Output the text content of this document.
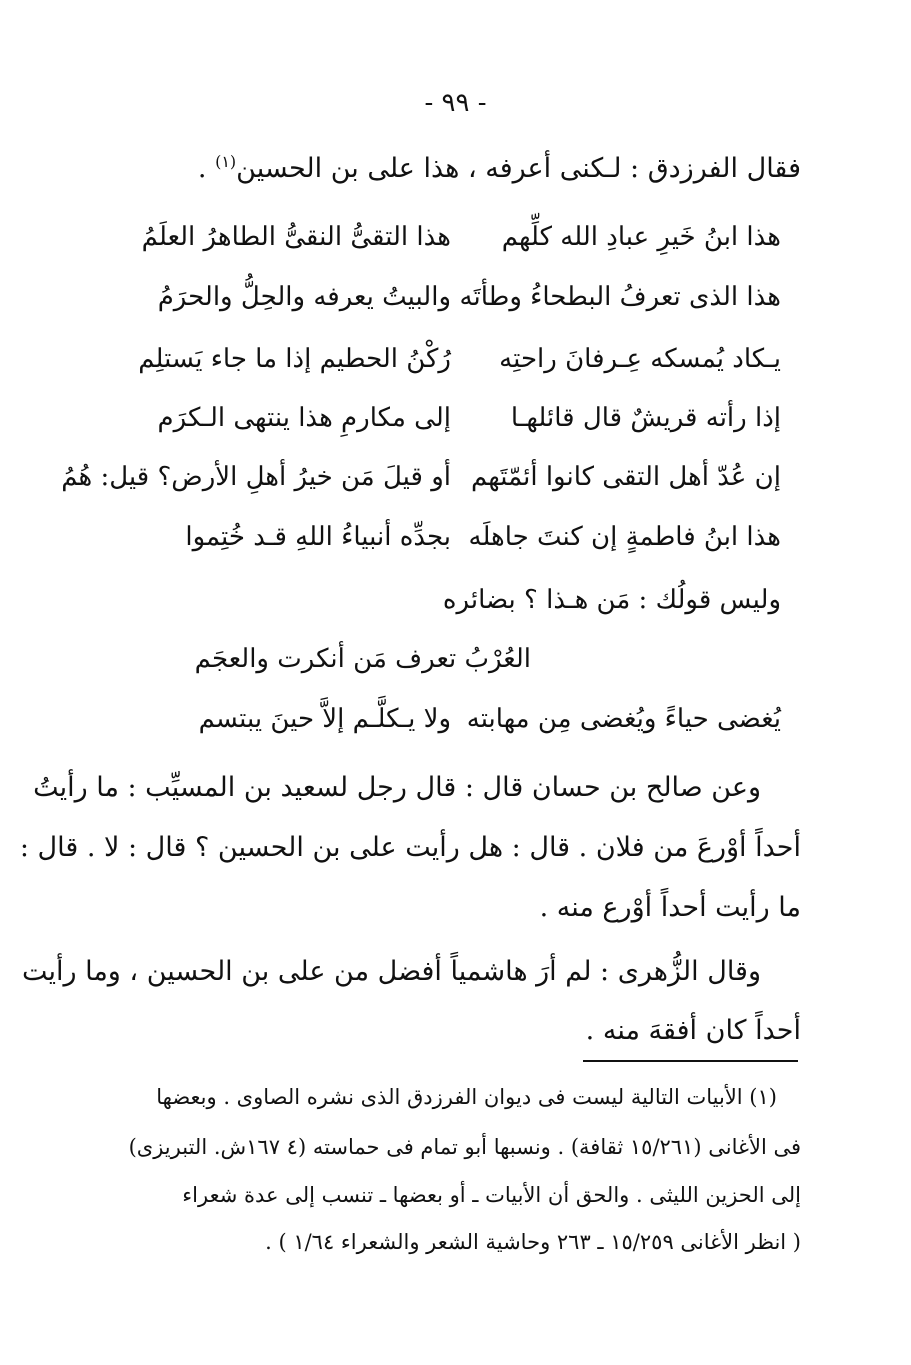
- ٩٩ -
فقال الفرزدق : لـكنى أعرفه ، هذا على بن الحسين$^{(١)}$ .
هذا ابنُ خَيرِ عبادِ الله كلِّهم
هذا التقىُّ النقىُّ الطاهرُ العلَمُ
هذا الذى تعرفُ البطحاءُ وطأتَه
والبيتُ يعرفه والحِلُّ والحرَمُ
يـكاد يُمسكه عِـرفانَ راحتِه
رُكْنُ الحطيم إذا ما جاء يَستلِم
إذا رأته قريشٌ قال قائلهـا
إلى مكارمِ هذا ينتهى الـكرَم
إن عُدّ أهل التقى كانوا أئمّتَهم
أو قيلَ مَن خيرُ أهلِ الأرض؟ قيل: هُمُ
هذا ابنُ فاطمةٍ إن كنتَ جاهلَه
بجدِّه أنبياءُ اللهِ قـد خُتِموا
وليس قولُك : مَن هـذا ؟ بضائره
العُرْبُ تعرف مَن أنكرت والعجَم
يُغضى حياءً ويُغضى مِن مهابته
ولا يـكلَّـم إلاَّ حينَ يبتسم
وعن صالح بن حسان قال : قال رجل لسعيد بن المسيِّب : ما رأيتُ
أحداً أوْرعَ من فلان . قال : هل رأيت على بن الحسين ؟ قال : لا . قال :
ما رأيت أحداً أوْرع منه .
وقال الزُّهرى : لم أرَ هاشمياً أفضل من على بن الحسين ، وما رأيت
أحداً كان أفقهَ منه .
(١) الأبيات التالية ليست فى ديوان الفرزدق الذى نشره الصاوى . وبعضها
فى الأغانى (١٥/٢٦١ ثقافة) . ونسبها أبو تمام فى حماسته (٤ ١٦٧ش. التبريزى)
إلى الحزين الليثى . والحق أن الأبيات ـ أو بعضها ـ تنسب إلى عدة شعراء
( انظر الأغانى ١٥/٢٥٩ ـ ٢٦٣ وحاشية الشعر والشعراء ١/٦٤ ) .
